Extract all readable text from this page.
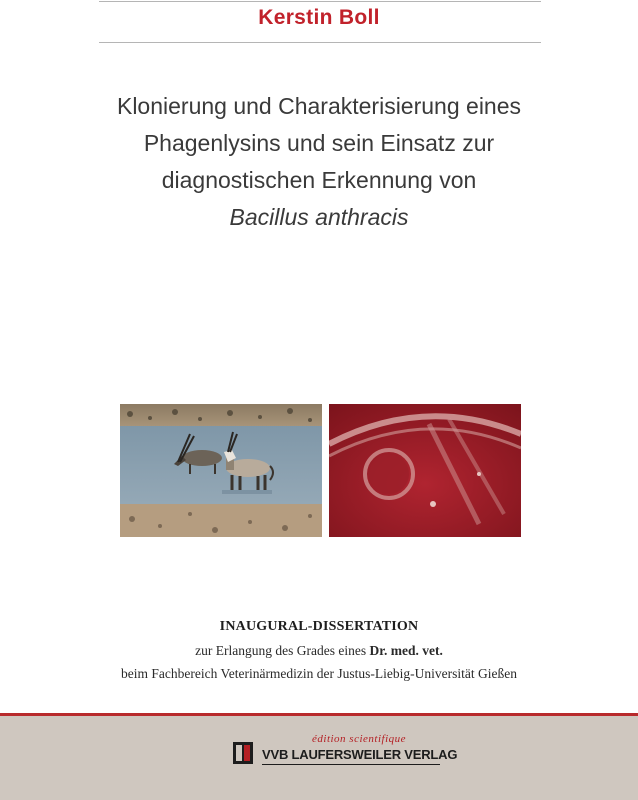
Kerstin Boll
Klonierung und Charakterisierung eines
Phagenlysins und sein Einsatz zur
diagnostischen Erkennung von
Bacillus anthracis
INAUGURAL-DISSERTATION
zur Erlangung des Grades eines Dr. med. vet.
beim Fachbereich Veterinärmedizin der Justus-Liebig-Universität Gießen
édition scientifique
VVB LAUFERSWEILER VERLAG
